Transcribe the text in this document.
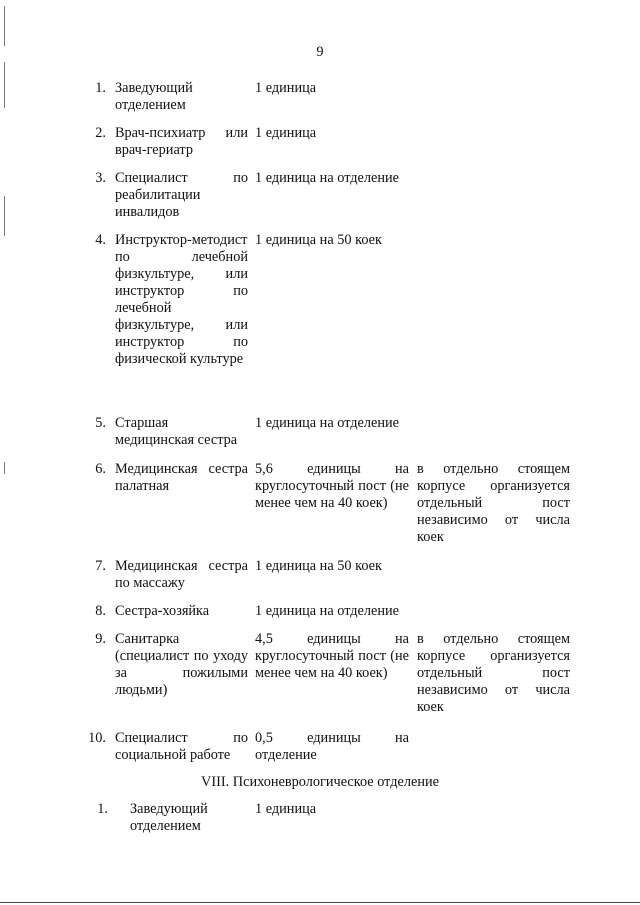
9
1. Заведующий отделением
1 единица
2. Врач-психиатр или врач-гериатр
1 единица
3. Специалист по реабилитации инвалидов
1 единица на отделение
4. Инструктор-методист по лечебной физкультуре, или инструктор по лечебной физкультуре, или инструктор по физической культуре
1 единица на 50 коек
5. Старшая медицинская сестра
1 единица на отделение
6. Медицинская сестра палатная
5,6 единицы на круглосуточный пост (не менее чем на 40 коек)
в отдельно стоящем корпусе организуется отдельный пост независимо от числа коек
7. Медицинская сестра по массажу
1 единица на 50 коек
8. Сестра-хозяйка	1 единица на отделение
9. Санитарка (специалист по уходу за пожилыми людьми)
4,5 единицы на круглосуточный пост (не менее чем на 40 коек)
в отдельно стоящем корпусе организуется отдельный пост независимо от числа коек
10. Специалист по социальной работе
0,5 единицы на отделение
VIII. Психоневрологическое отделение
1. Заведующий отделением
1 единица
